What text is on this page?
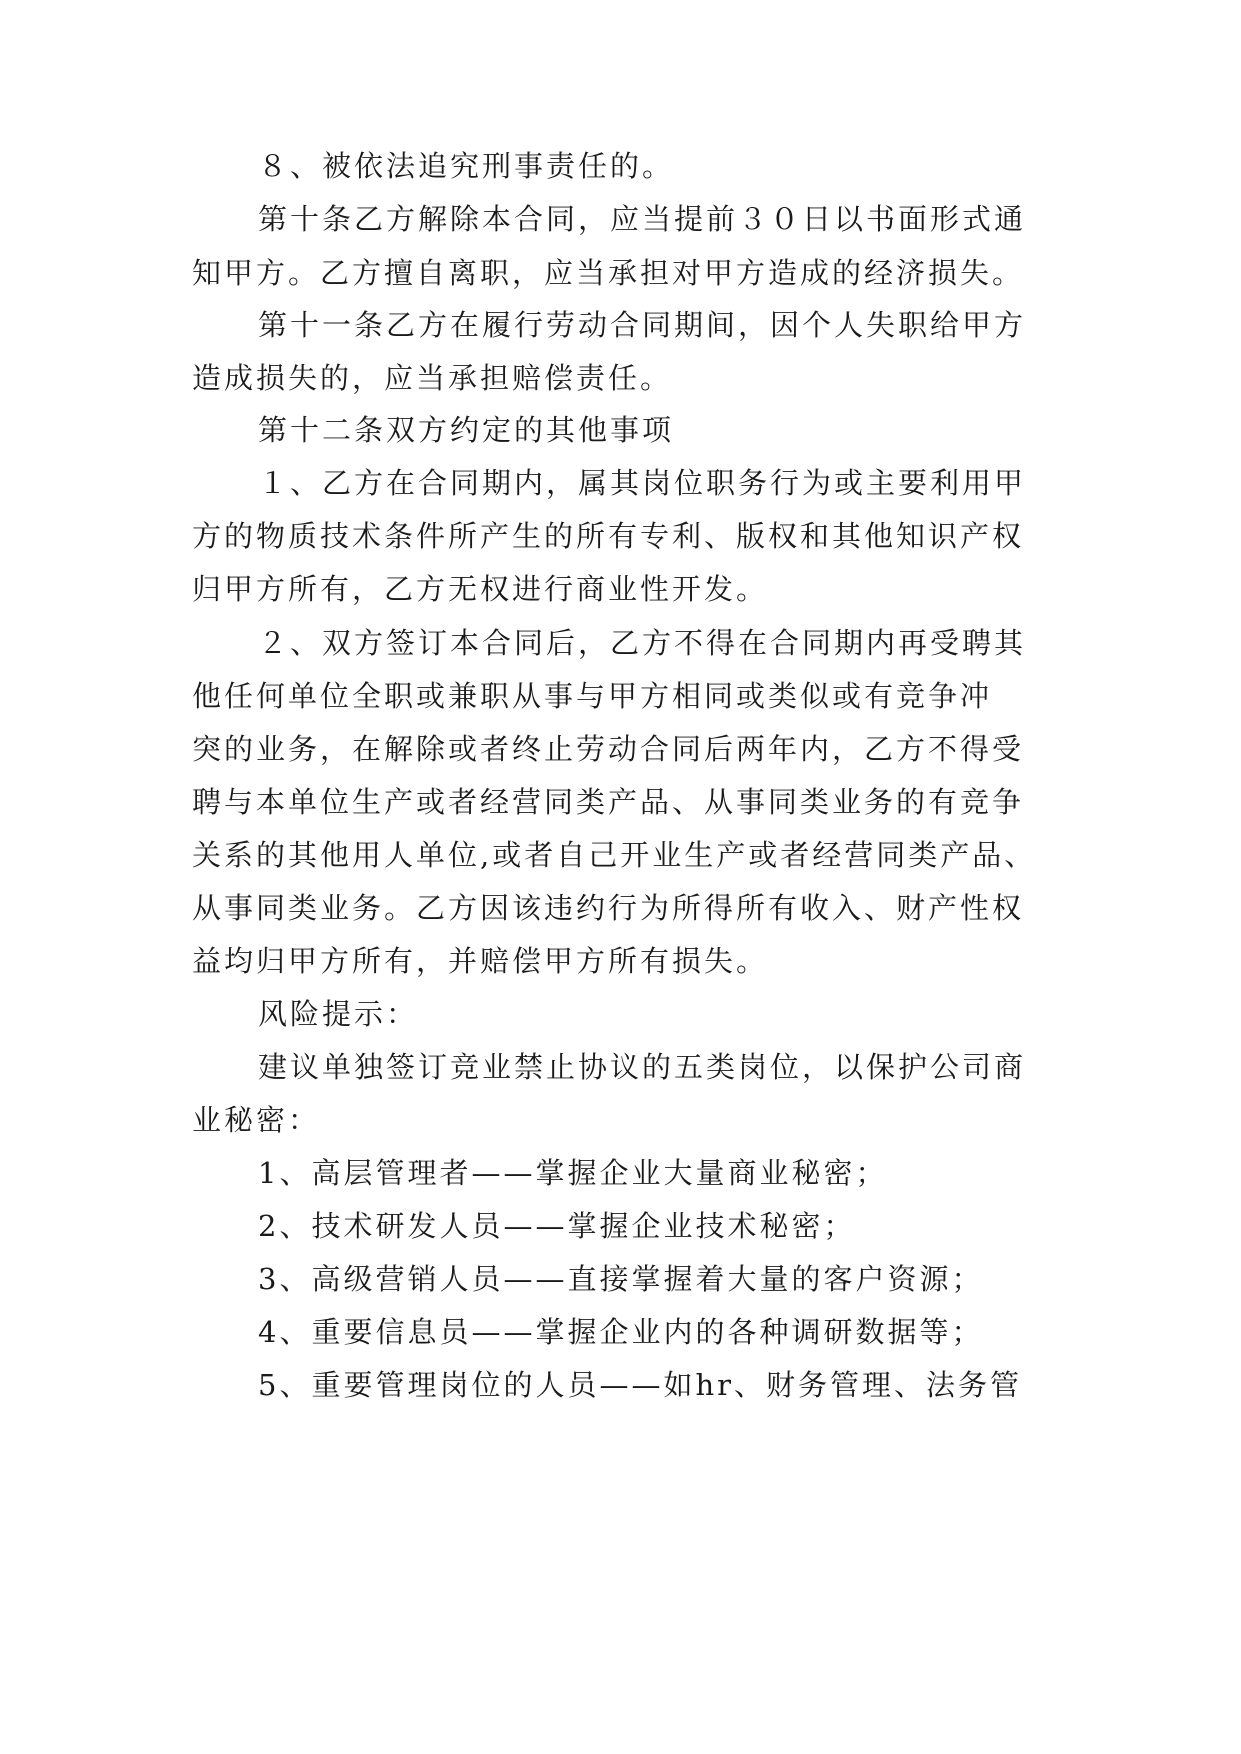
８、被依法追究刑事责任的。
第十条乙方解除本合同，应当提前３０日以书面形式通
知甲方。乙方擅自离职，应当承担对甲方造成的经济损失。
第十一条乙方在履行劳动合同期间，因个人失职给甲方
造成损失的，应当承担赔偿责任。
第十二条双方约定的其他事项
１、乙方在合同期内，属其岗位职务行为或主要利用甲
方的物质技术条件所产生的所有专利、版权和其他知识产权
归甲方所有，乙方无权进行商业性开发。
２、双方签订本合同后，乙方不得在合同期内再受聘其
他任何单位全职或兼职从事与甲方相同或类似或有竞争冲
突的业务，在解除或者终止劳动合同后两年内，乙方不得受
聘与本单位生产或者经营同类产品、从事同类业务的有竞争
关系的其他用人单位,或者自己开业生产或者经营同类产品、
从事同类业务。乙方因该违约行为所得所有收入、财产性权
益均归甲方所有，并赔偿甲方所有损失。
风险提示：
建议单独签订竞业禁止协议的五类岗位，以保护公司商
业秘密：
1、高层管理者——掌握企业大量商业秘密；
2、技术研发人员——掌握企业技术秘密；
3、高级营销人员——直接掌握着大量的客户资源；
4、重要信息员——掌握企业内的各种调研数据等；
5、重要管理岗位的人员——如hr、财务管理、法务管
